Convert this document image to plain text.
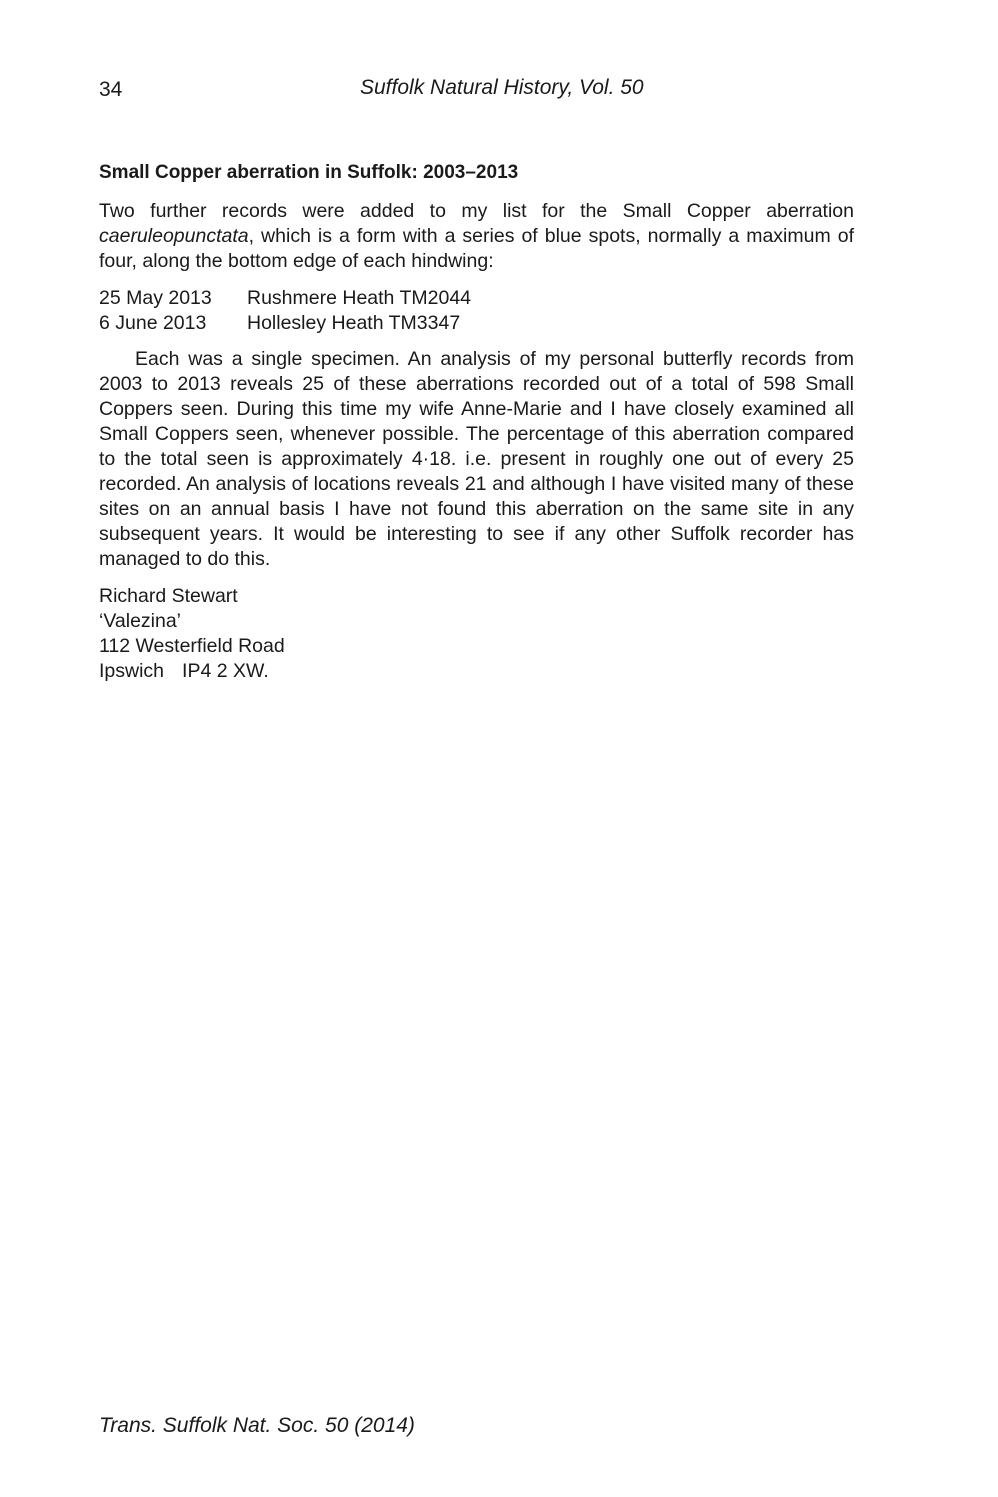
34	Suffolk Natural History, Vol. 50
Small Copper aberration in Suffolk: 2003–2013

Two further records were added to my list for the Small Copper aberration caeruleopunctata, which is a form with a series of blue spots, normally a maximum of four, along the bottom edge of each hindwing:

25 May 2013	Rushmere Heath TM2044
6 June 2013	Hollesley Heath TM3347

Each was a single specimen. An analysis of my personal butterfly records from 2003 to 2013 reveals 25 of these aberrations recorded out of a total of 598 Small Coppers seen. During this time my wife Anne-Marie and I have closely examined all Small Coppers seen, whenever possible. The percentage of this aberration compared to the total seen is approximately 4·18. i.e. present in roughly one out of every 25 recorded. An analysis of locations reveals 21 and although I have visited many of these sites on an annual basis I have not found this aberration on the same site in any subsequent years. It would be interesting to see if any other Suffolk recorder has managed to do this.

Richard Stewart
‘Valezina’
112 Westerfield Road
Ipswich IP4 2 XW.
Trans. Suffolk Nat. Soc. 50 (2014)
